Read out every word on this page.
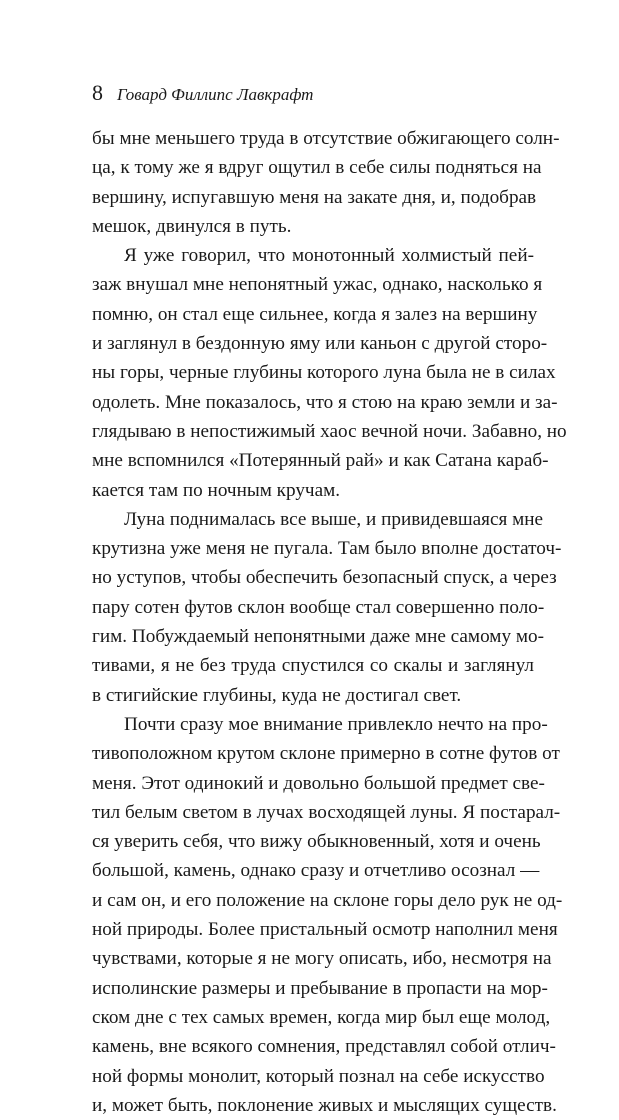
8 Говард Филлипс Лавкрафт
бы мне меньшего труда в отсутствие обжигающего солн-
ца, к тому же я вдруг ощутил в себе силы подняться на
вершину, испугавшую меня на закате дня, и, подобрав
мешок, двинулся в путь.
Я уже говорил, что монотонный холмистый пей-
заж внушал мне непонятный ужас, однако, насколько я
помню, он стал еще сильнее, когда я залез на вершину
и заглянул в бездонную яму или каньон с другой сторо-
ны горы, черные глубины которого луна была не в силах
одолеть. Мне показалось, что я стою на краю земли и за-
глядываю в непостижимый хаос вечной ночи. Забавно, но
мне вспомнился «Потерянный рай» и как Сатана караб-
кается там по ночным кручам.
Луна поднималась все выше, и привидевшаяся мне
крутизна уже меня не пугала. Там было вполне достаточ-
но уступов, чтобы обеспечить безопасный спуск, а через
пару сотен футов склон вообще стал совершенно поло-
гим. Побуждаемый непонятными даже мне самому мо-
тивами, я не без труда спустился со скалы и заглянул
в стигийские глубины, куда не достигал свет.
Почти сразу мое внимание привлекло нечто на про-
тивоположном крутом склоне примерно в сотне футов от
меня. Этот одинокий и довольно большой предмет све-
тил белым светом в лучах восходящей луны. Я постарал-
ся уверить себя, что вижу обыкновенный, хотя и очень
большой, камень, однако сразу и отчетливо осознал —
и сам он, и его положение на склоне горы дело рук не од-
ной природы. Более пристальный осмотр наполнил меня
чувствами, которые я не могу описать, ибо, несмотря на
исполинские размеры и пребывание в пропасти на мор-
ском дне с тех самых времен, когда мир был еще молод,
камень, вне всякого сомнения, представлял собой отлич-
ной формы монолит, который познал на себе искусство
и, может быть, поклонение живых и мыслящих существ.
